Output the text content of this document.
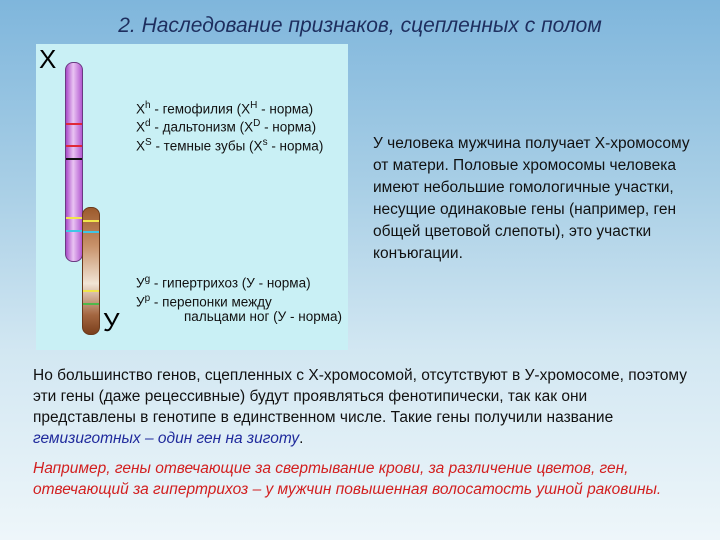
2. Наследование признаков, сцепленных с полом
Х
У
$X^h$ - гемофилия ($X^H$ - норма)
$X^d$ - дальтонизм ($X^D$ - норма)
$X^S$ - темные зубы ($X^s$ - норма)
$У^g$ - гипертрихоз (У - норма)
$У^p$ - перепонки между
пальцами ног (У - норма)
У человека мужчина получает Х-хромосому от матери. Половые хромосомы человека имеют небольшие гомологичные участки, несущие одинаковые гены (например, ген общей цветовой слепоты), это участки конъюгации.
Но большинство генов, сцепленных с Х-хромосомой, отсутствуют в У-хромосоме, поэтому эти гены (даже рецессивные) будут проявляться фенотипически, так как они представлены в генотипе в единственном числе. Такие гены получили название гемизиготных – один ген на зиготу.
Например, гены отвечающие за свертывание крови, за различение цветов, ген, отвечающий за гипертрихоз – у мужчин повышенная волосатость ушной раковины.
